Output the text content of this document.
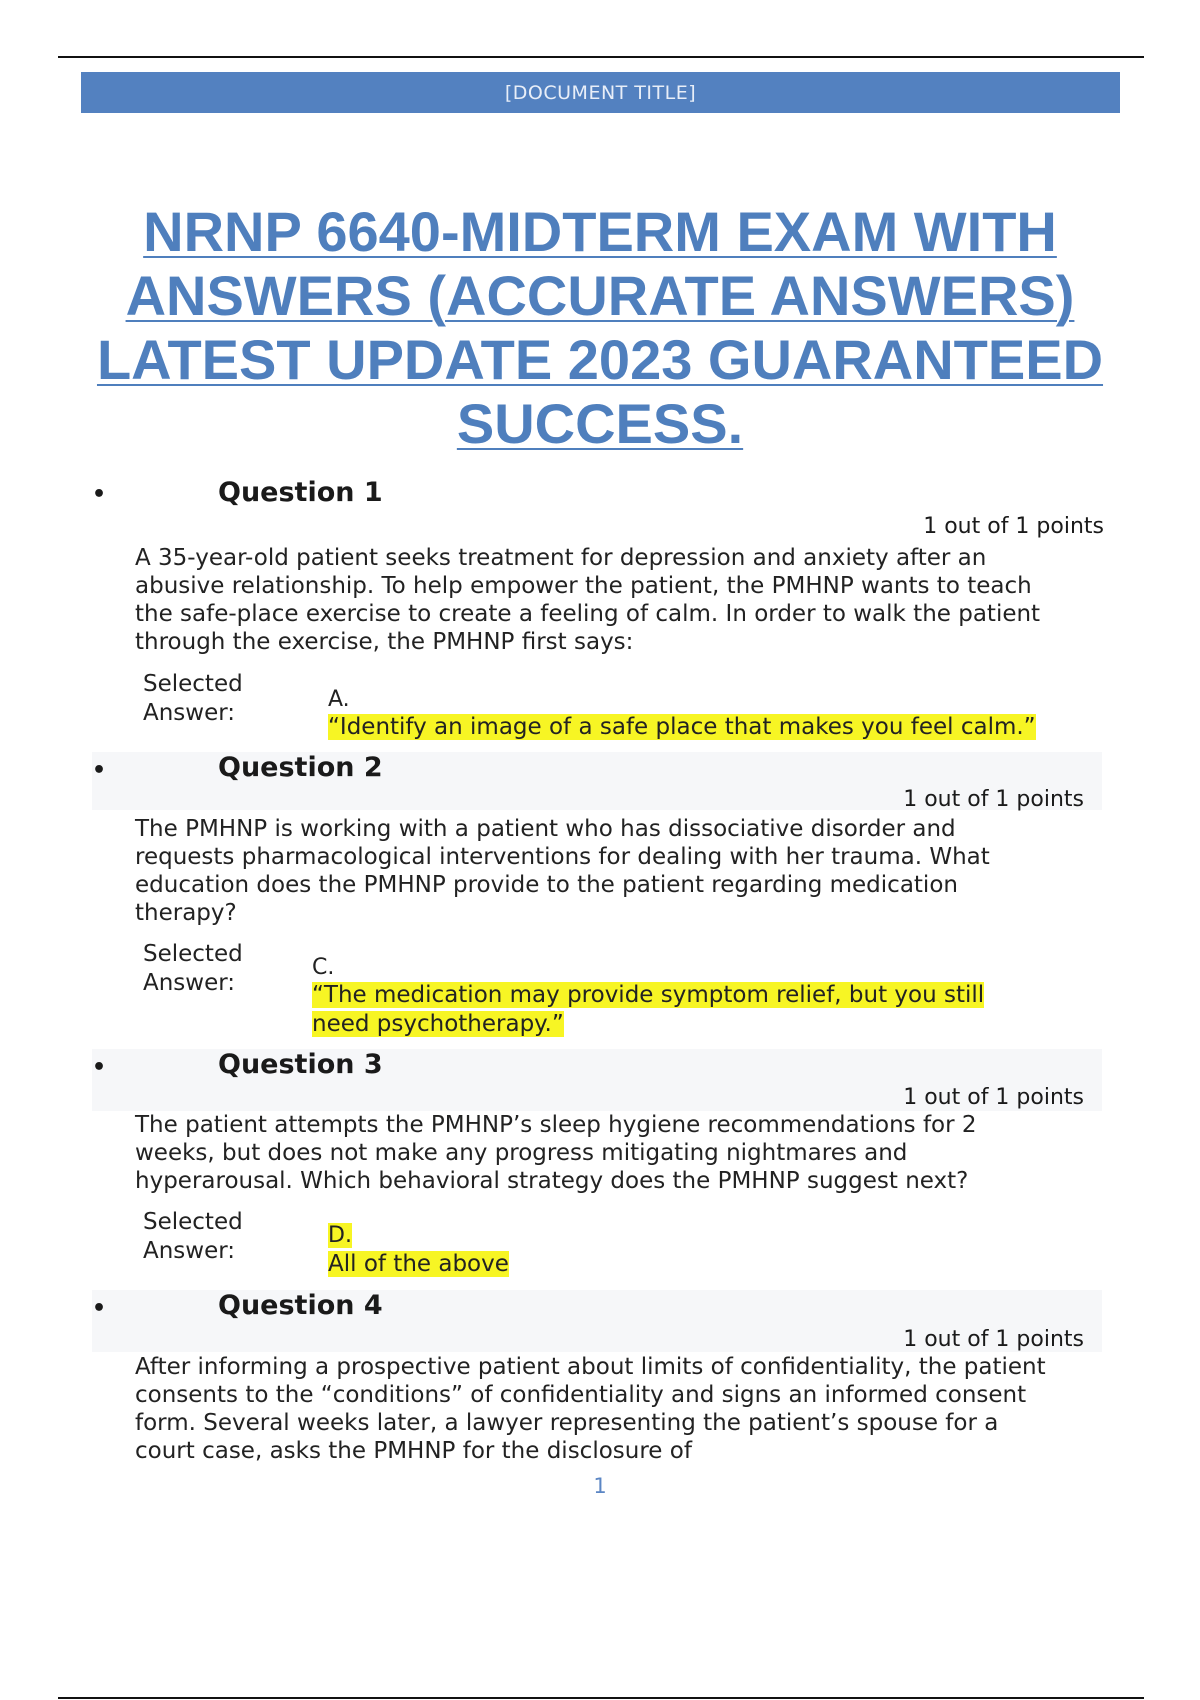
[DOCUMENT TITLE]
NRNP 6640-MIDTERM EXAM WITH
ANSWERS (ACCURATE ANSWERS)
LATEST UPDATE 2023 GUARANTEED
SUCCESS.
•	Question 1
1 out of 1 points
A 35-year-old patient seeks treatment for depression and anxiety after an abusive relationship. To help empower the patient, the PMHNP wants to teach the safe-place exercise to create a feeling of calm. In order to walk the patient through the exercise, the PMHNP first says:
Selected Answer:
A.
“Identify an image of a safe place that makes you feel calm.”
•	Question 2
1 out of 1 points
The PMHNP is working with a patient who has dissociative disorder and requests pharmacological interventions for dealing with her trauma. What education does the PMHNP provide to the patient regarding medication therapy?
Selected Answer:
C.
“The medication may provide symptom relief, but you still need psychotherapy.”
•	Question 3
1 out of 1 points
The patient attempts the PMHNP’s sleep hygiene recommendations for 2 weeks, but does not make any progress mitigating nightmares and hyperarousal. Which behavioral strategy does the PMHNP suggest next?
Selected Answer:
D.
All of the above
•	Question 4
1 out of 1 points
After informing a prospective patient about limits of confidentiality, the patient consents to the “conditions” of confidentiality and signs an informed consent form. Several weeks later, a lawyer representing the patient’s spouse for a court case, asks the PMHNP for the disclosure of
1
